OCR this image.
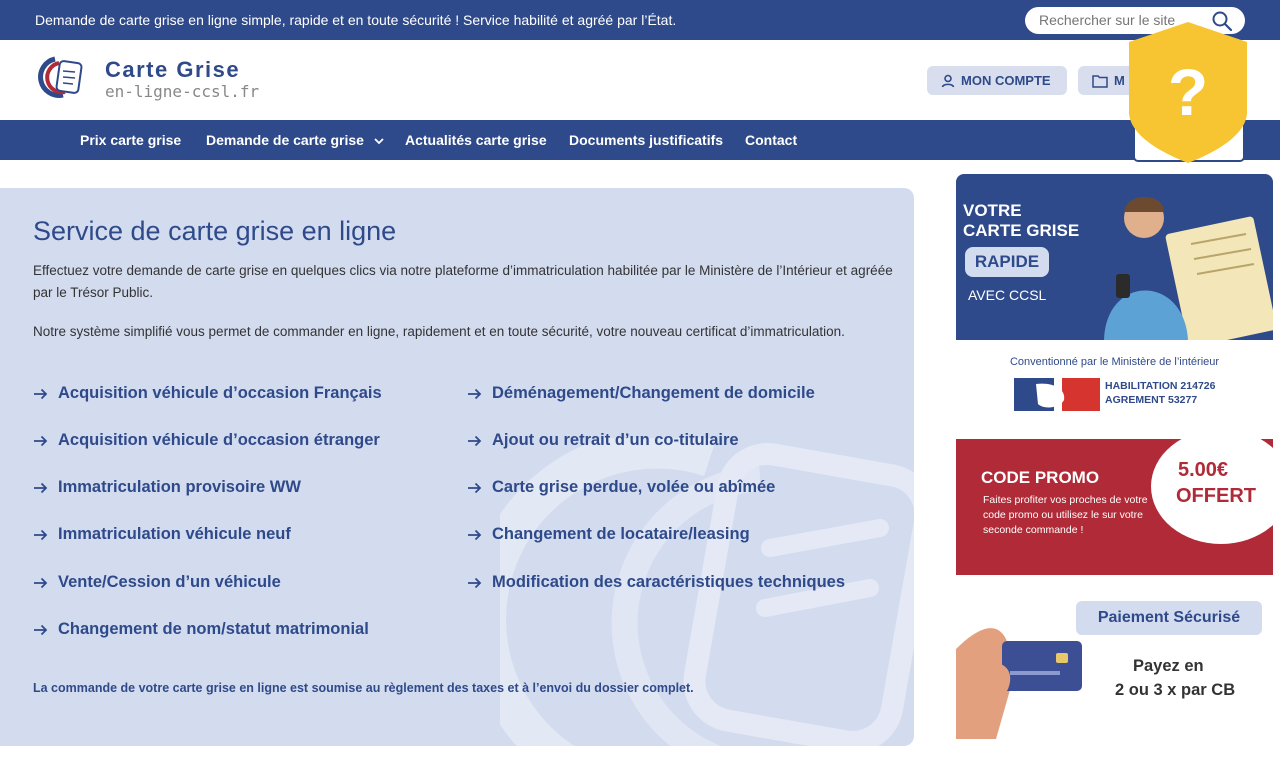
Demande de carte grise en ligne simple, rapide et en toute sécurité ! Service habilité et agréé par l’État.
Rechercher sur le site
Carte Grise
en-ligne-ccsl.fr
MON COMPTE	M
Prix carte grise Demande de carte grise	Actualités carte grise Documents justificatifs Contact
Service de carte grise en ligne
Effectuez votre demande de carte grise en quelques clics via notre plateforme d’immatriculation habilitée par le Ministère de l’Intérieur et agréée par le Trésor Public.
Notre système simplifié vous permet de commander en ligne, rapidement et en toute sécurité, votre nouveau certificat d’immatriculation.
Acquisition véhicule d’occasion Français
Acquisition véhicule d’occasion étranger
Immatriculation provisoire WW
Immatriculation véhicule neuf
Vente/Cession d’un véhicule
Changement de nom/statut matrimonial
Déménagement/Changement de domicile
Ajout ou retrait d’un co-titulaire
Carte grise perdue, volée ou abîmée
Changement de locataire/leasing
Modification des caractéristiques techniques
La commande de votre carte grise en ligne est soumise au règlement des taxes et à l’envoi du dossier complet.
VOTRE
CARTE GRISE
RAPIDE
AVEC CCSL
Conventionné par le Ministère de l’intérieur
HABILITATION 214726
AGREMENT 53277
CODE PROMO
Faites profiter vos proches de votre code promo ou utilisez le sur votre seconde commande !
5.00€
OFFERT
Paiement Sécurisé
Payez en
2 ou 3 x par CB
?
